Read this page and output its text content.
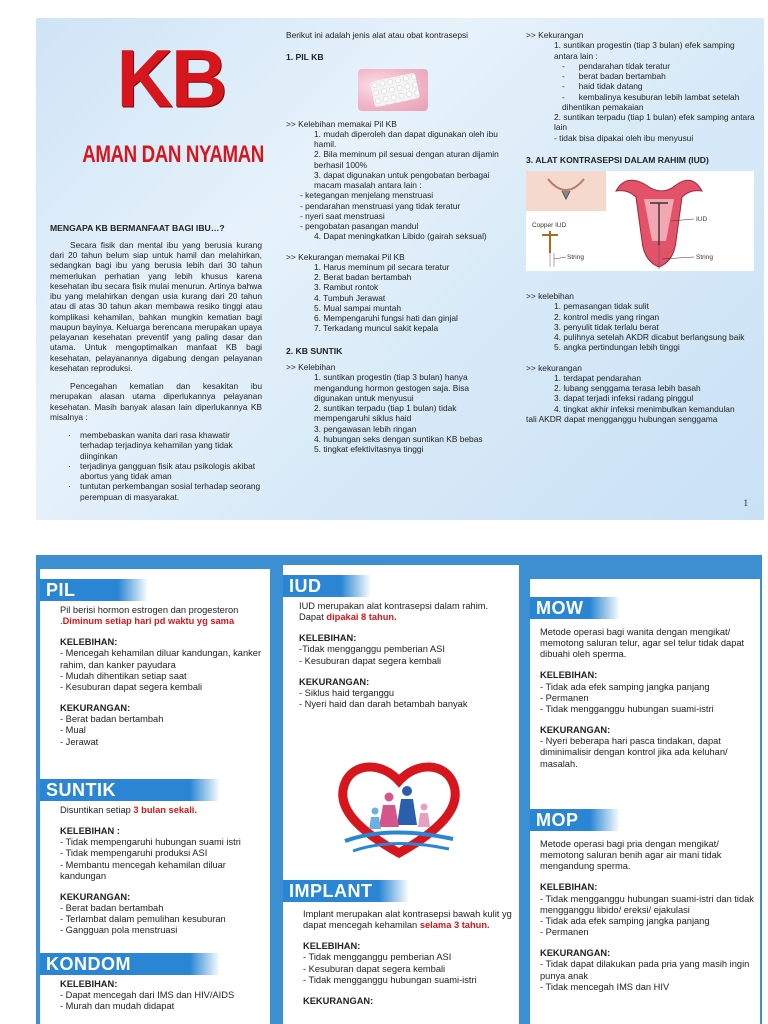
KB
AMAN DAN NYAMAN
MENGAPA KB BERMANFAAT BAGI IBU…?
Secara fisik dan mental ibu yang berusia kurang dari 20 tahun belum siap untuk hamil dan melahirkan, sedangkan bagi ibu yang berusia lebih dari 30 tahun memerlukan perhatian yang lebih khusus karena kesehatan ibu secara fisik mulai menurun. Artinya bahwa ibu yang melahirkan dengan usia kurang dari 20 tahun atau di atas 30 tahun akan membawa resiko tinggi atau komplikasi kehamilan, bahkan mungkin kematian bagi maupun bayinya. Keluarga berencana merupakan upaya pelayanan kesehatan preventif yang paling dasar dan utama. Untuk mengoptimalkan manfaat KB bagi kesehatan, pelayanannya digabung dengan pelayanan kesehatan reproduksi.
Pencegahan kematian dan kesakitan ibu merupakan alasan utama diperlukannya pelayanan kesehatan. Masih banyak alasan lain diperlukannya KB misalnya :
· membebaskan wanita dari rasa khawatir terhadap terjadinya kehamilan yang tidak diinginkan
· terjadinya gangguan fisik atau psikologis akibat abortus yang tidak aman
· tuntutan perkembangan sosial terhadap seorang perempuan di masyarakat.
Berikut ini adalah jenis alat atau obat kontrasepsi
1. PIL KB
>> Kelebihan memakai Pil KB
1. mudah diperoleh dan dapat digunakan oleh ibu hamil.
2. Bila meminum pil sesuai dengan aturan dijamin berhasil 100%
3. dapat digunakan untuk pengobatan berbagai macam masalah antara lain :
- ketegangan menjelang menstruasi
- pendarahan menstruasi yang tidak teratur
- nyeri saat menstruasi
- pengobatan pasangan mandul
4. Dapat meningkatkan Libido (gairah seksual)
>> Kekurangan memakai Pil KB
1. Harus meminum pil secara teratur
2. Berat badan bertambah
3. Rambut rontok
4. Tumbuh Jerawat
5. Mual sampai muntah
6. Mempengaruhi fungsi hati dan ginjal
7. Terkadang muncul sakit kepala
2. KB SUNTIK
>> Kelebihan
1. suntikan progestin (tiap 3 bulan) hanya mengandung hormon gestogen saja. Bisa digunakan untuk menyusui
2. suntikan terpadu (tiap 1 bulan) tidak mempengaruhi siklus haid
3. pengawasan lebih ringan
4. hubungan seks dengan suntikan KB bebas
5. tingkat efektivitasnya tinggi
>> Kekurangan
1. suntikan progestin (tiap 3 bulan) efek samping antara lain :
-      pendarahan tidak teratur
-      berat badan bertambah
-      haid tidak datang
-      kembalinya kesuburan lebih lambat setelah dihentikan pemakaian
2. suntikan terpadu (tiap 1 bulan) efek samping antara lain
- tidak bisa dipakai oleh ibu menyusui
3. ALAT KONTRASEPSI DALAM RAHIM (IUD)
Copper IUD
String
IUD
String
>> kelebihan
1. pemasangan tidak sulit
2. kontrol medis yang ringan
3. penyulit tidak terlalu berat
4. pulihnya setelah AKDR dicabut berlangsung baik
5. angka pertindungan lebih tinggi
>> kekurangan
1. terdapat pendarahan
2. lubang senggama terasa lebih basah
3. dapat terjadi infeksi radang pinggul
4. tingkat akhir infeksi menimbulkan kemandulan
tali AKDR dapat mengganggu hubungan senggama
1
PIL
Pil berisi hormon estrogen dan progesteron .Diminum setiap hari pd waktu yg sama
KELEBIHAN:
- Mencegah kehamilan diluar kandungan, kanker rahim, dan kanker payudara
- Mudah dihentikan setiap saat
- Kesuburan dapat segera kembali
KEKURANGAN:
- Berat badan bertambah
- Mual
- Jerawat
SUNTIK
Disuntikan setiap 3 bulan sekali.
KELEBIHAN :
- Tidak mempengaruhi hubungan suami istri
- Tidak mempengaruhi produksi ASI
- Membantu mencegah kehamilan diluar kandungan
KEKURANGAN:
- Berat badan bertambah
- Terlambat dalam pemulihan kesuburan
- Gangguan pola menstruasi
KONDOM
KELEBIHAN:
- Dapat mencegah dari IMS dan HIV/AIDS
- Murah dan mudah didapat
IUD
IUD merupakan alat kontrasepsi dalam rahim. Dapat dipakai 8 tahun.
KELEBIHAN:
-Tidak mengganggu pemberian ASI
- Kesuburan dapat segera kembali
KEKURANGAN:
- Siklus haid terganggu
- Nyeri haid dan darah betambah banyak
IMPLANT
Implant merupakan alat kontrasepsi bawah kulit yg dapat mencegah kehamilan selama 3 tahun.
KELEBIHAN:
- Tidak mengganggu pemberian ASI
- Kesuburan dapat segera kembali
- Tidak mengganggu hubungan suami-istri
KEKURANGAN:
MOW
Metode operasi bagi wanita dengan mengikat/ memotong saluran telur, agar sel telur tidak dapat dibuahi oleh sperma.
KELEBIHAN:
- Tidak ada efek samping jangka panjang
- Permanen
- Tidak mengganggu hubungan suami-istri
KEKURANGAN:
- Nyeri beberapa hari pasca tindakan, dapat diminimalisir dengan kontrol jika ada keluhan/ masalah.
MOP
Metode operasi bagi pria dengan mengikat/ memotong saluran benih agar air mani tidak mengandung sperma.
KELEBIHAN:
- Tidak mengganggu hubungan suami-istri dan tidak mengganggu libido/ ereksi/ ejakulasi
- Tidak ada efek samping jangka panjang
- Permanen
KEKURANGAN:
- Tidak dapat dilakukan pada pria yang masih ingin punya anak
- Tidak mencegah IMS dan HIV
